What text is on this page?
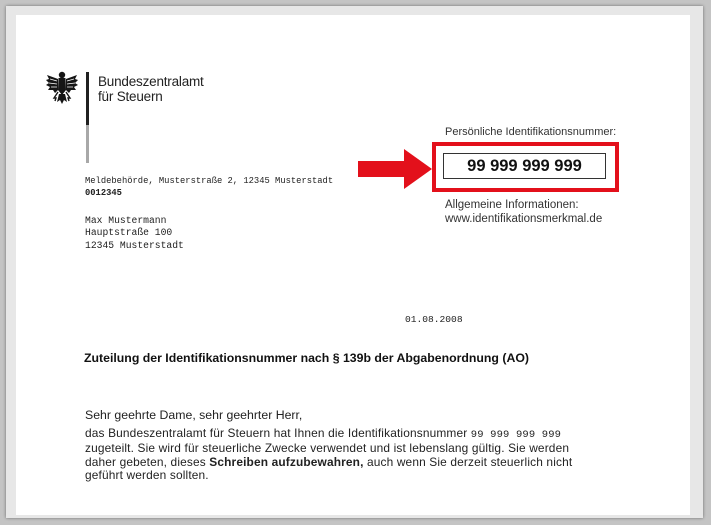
Bundeszentralamt
für Steuern
Meldebehörde, Musterstraße 2, 12345 Musterstadt
0012345
Max Mustermann
Hauptstraße 100
12345 Musterstadt
Persönliche Identifikationsnummer:
99 999 999 999
Allgemeine Informationen:
www.identifikationsmerkmal.de
01.08.2008
Zuteilung der Identifikationsnummer nach § 139b der Abgabenordnung (AO)
Sehr geehrte Dame, sehr geehrter Herr,
das Bundeszentralamt für Steuern hat Ihnen die Identifikationsnummer 99 999 999 999
zugeteilt. Sie wird für steuerliche Zwecke verwendet und ist lebenslang gültig. Sie werden
daher gebeten, dieses Schreiben aufzubewahren, auch wenn Sie derzeit steuerlich nicht
geführt werden sollten.
